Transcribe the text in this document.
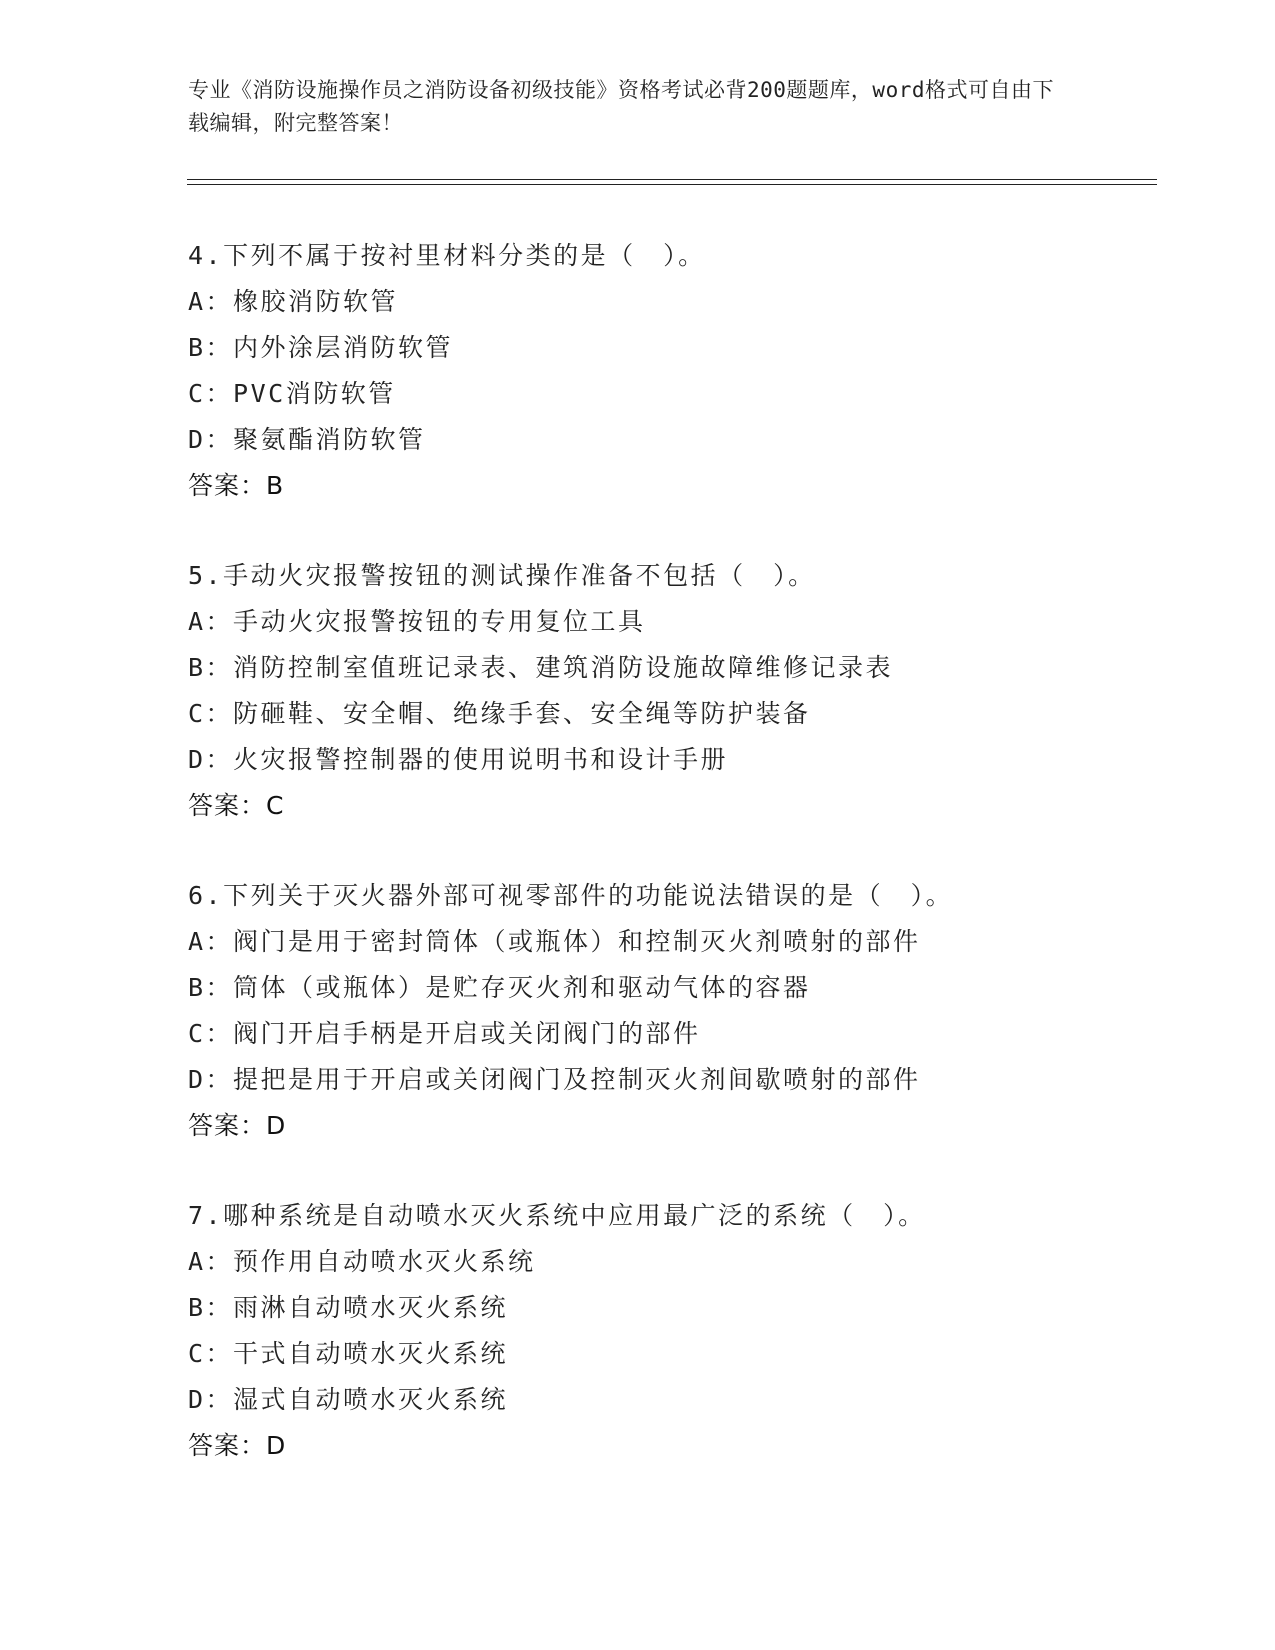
专业《消防设施操作员之消防设备初级技能》资格考试必背200题题库，word格式可自由下载编辑，附完整答案！
4.下列不属于按衬里材料分类的是（　）。
A：橡胶消防软管
B：内外涂层消防软管
C：PVC消防软管
D：聚氨酯消防软管
答案：B
5.手动火灾报警按钮的测试操作准备不包括（　）。
A：手动火灾报警按钮的专用复位工具
B：消防控制室值班记录表、建筑消防设施故障维修记录表
C：防砸鞋、安全帽、绝缘手套、安全绳等防护装备
D：火灾报警控制器的使用说明书和设计手册
答案：C
6.下列关于灭火器外部可视零部件的功能说法错误的是（　）。
A：阀门是用于密封筒体（或瓶体）和控制灭火剂喷射的部件
B：筒体（或瓶体）是贮存灭火剂和驱动气体的容器
C：阀门开启手柄是开启或关闭阀门的部件
D：提把是用于开启或关闭阀门及控制灭火剂间歇喷射的部件
答案：D
7.哪种系统是自动喷水灭火系统中应用最广泛的系统（　）。
A：预作用自动喷水灭火系统
B：雨淋自动喷水灭火系统
C：干式自动喷水灭火系统
D：湿式自动喷水灭火系统
答案：D
